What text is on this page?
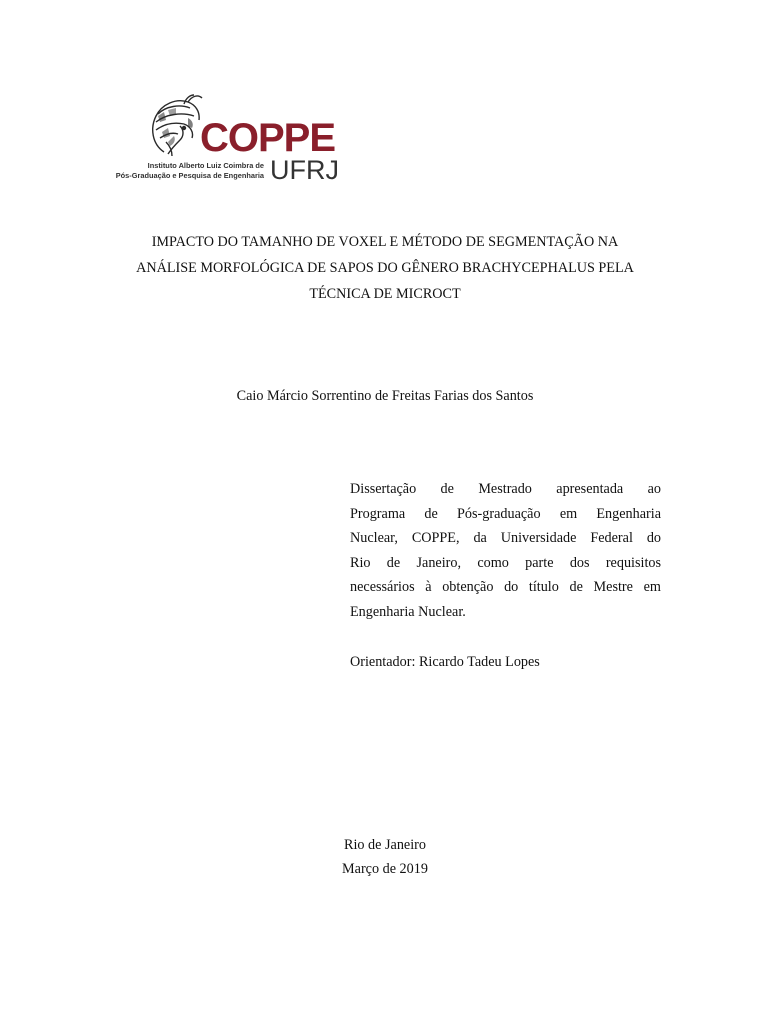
COPPE
Instituto Alberto Luiz Coimbra de
Pós-Graduação e Pesquisa de Engenharia UFRJ
IMPACTO DO TAMANHO DE VOXEL E MÉTODO DE SEGMENTAÇÃO NA
ANÁLISE MORFOLÓGICA DE SAPOS DO GÊNERO BRACHYCEPHALUS PELA
TÉCNICA DE MICROCT
Caio Márcio Sorrentino de Freitas Farias dos Santos
Dissertação de Mestrado apresentada ao
Programa de Pós-graduação em Engenharia
Nuclear, COPPE, da Universidade Federal do
Rio de Janeiro, como parte dos requisitos
necessários à obtenção do título de Mestre em
Engenharia Nuclear.
Orientador: Ricardo Tadeu Lopes
Rio de Janeiro
Março de 2019
